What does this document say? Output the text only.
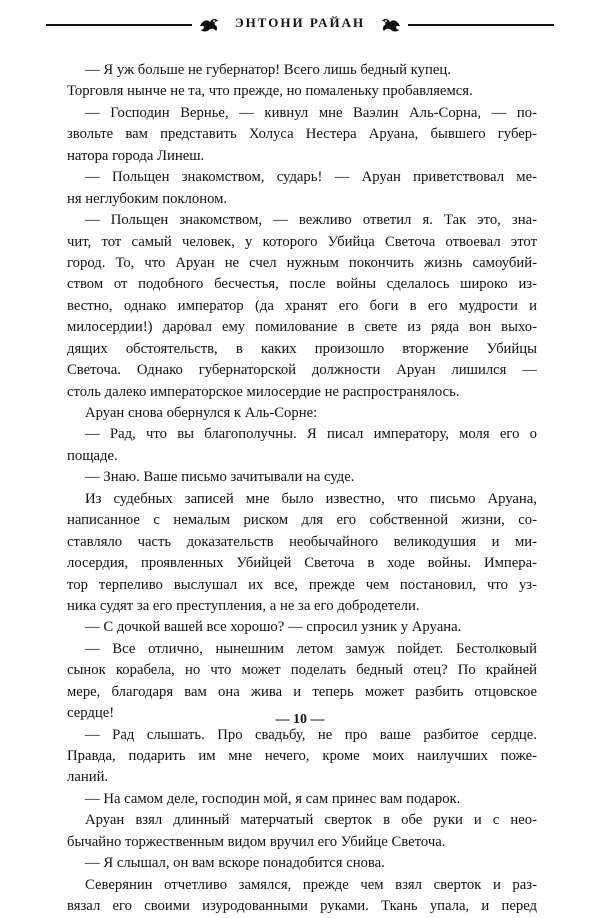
ЭНТОНИ РАЙАН
— Я уж больше не губернатор! Всего лишь бедный купец.
Торговля нынче не та, что прежде, но помаленьку пробавляемся.
— Господин Вернье, — кивнул мне Ваэлин Аль-Сорна, — по-
звольте вам представить Холуса Нестера Аруана, бывшего губер-
натора города Линеш.
— Польщен знакомством, сударь! — Аруан приветствовал ме-
ня неглубоким поклоном.
— Польщен знакомством, — вежливо ответил я. Так это, зна-
чит, тот самый человек, у которого Убийца Светоча отвоевал этот
город. То, что Аруан не счел нужным покончить жизнь самоубий-
ством от подобного бесчестья, после войны сделалось широко из-
вестно, однако император (да хранят его боги в его мудрости и
милосердии!) даровал ему помилование в свете из ряда вон выхо-
дящих обстоятельств, в каких произошло вторжение Убийцы
Светоча. Однако губернаторской должности Аруан лишился —
столь далеко императорское милосердие не распространялось.
Аруан снова обернулся к Аль-Сорне:
— Рад, что вы благополучны. Я писал императору, моля его о
пощаде.
— Знаю. Ваше письмо зачитывали на суде.
Из судебных записей мне было известно, что письмо Аруана,
написанное с немалым риском для его собственной жизни, со-
ставляло часть доказательств необычайного великодушия и ми-
лосердия, проявленных Убийцей Светоча в ходе войны. Импера-
тор терпеливо выслушал их все, прежде чем постановил, что уз-
ника судят за его преступления, а не за его добродетели.
— С дочкой вашей все хорошо? — спросил узник у Аруана.
— Все отлично, нынешним летом замуж пойдет. Бестолковый
сынок корабела, но что может поделать бедный отец? По крайней
мере, благодаря вам она жива и теперь может разбить отцовское
сердце!
— Рад слышать. Про свадьбу, не про ваше разбитое сердце.
Правда, подарить им мне нечего, кроме моих наилучших поже-
ланий.
— На самом деле, господин мой, я сам принес вам подарок.
Аруан взял длинный матерчатый сверток в обе руки и с нео-
бычайно торжественным видом вручил его Убийце Светоча.
— Я слышал, он вам вскоре понадобится снова.
Северянин отчетливо замялся, прежде чем взял сверток и раз-
вязал его своими изуродованными руками. Ткань упала, и перед
— 10 —
